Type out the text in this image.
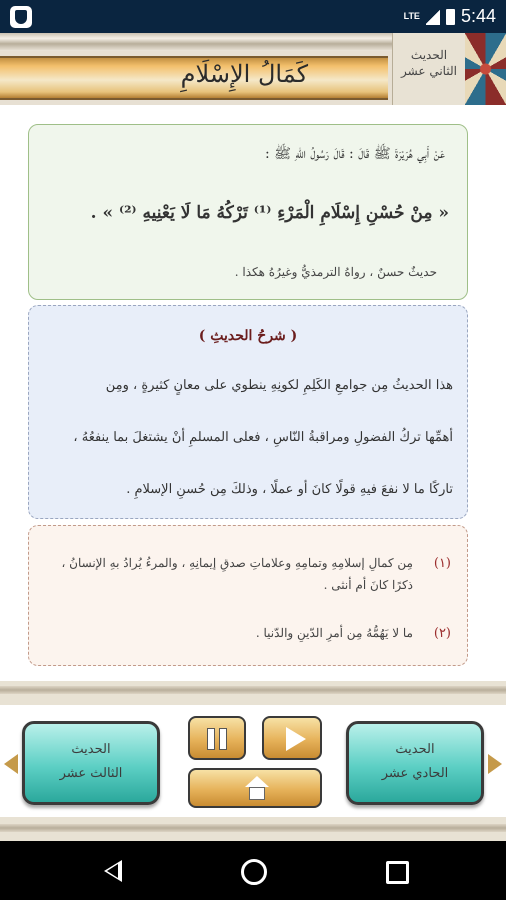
LTE 5:44
كَمَالُ الإِسْلَامِ
الحديث
الثاني عشر
عَنْ أَبِي هُرَيْرَةَ ﷺ قَالَ : قَالَ رَسُولُ اللهِ ﷺ :
« مِنْ حُسْنِ إِسْلَامِ الْمَرْءِ ⁽¹⁾ تَرْكُهُ مَا لَا يَعْنِيهِ ⁽²⁾ » .
حديثٌ حسنٌ ، رواهُ الترمذيُّ وغيرُهُ هكذا .
( شرحُ الحديثِ )
هذا الحديثُ مِن جوامعِ الكَلِمِ لكونِهِ ينطوي على معانٍ كثيرةٍ ، ومِن
أهمِّها تركُ الفضولِ ومراقبةُ النّاسِ ، فعلى المسلمِ أنْ يشتغلَ بما ينفعُهُ ،
تاركًا ما لا نفعَ فيهِ قولًا كانَ أو عملًا ، وذلكَ مِن حُسنِ الإسلامِ .
(١)
مِن كمالِ إسلامِهِ وتمامِهِ وعلاماتِ صدقِ إيمانِهِ ، والمرءُ يُرادُ بهِ الإنسانُ ، ذكرًا كانَ أم أنثى .
(٢)
ما لا يَهُمُّهُ مِن أمرِ الدّينِ والدّنيا .
الحديث
الثالث عشر
الحديث
الحادي عشر
